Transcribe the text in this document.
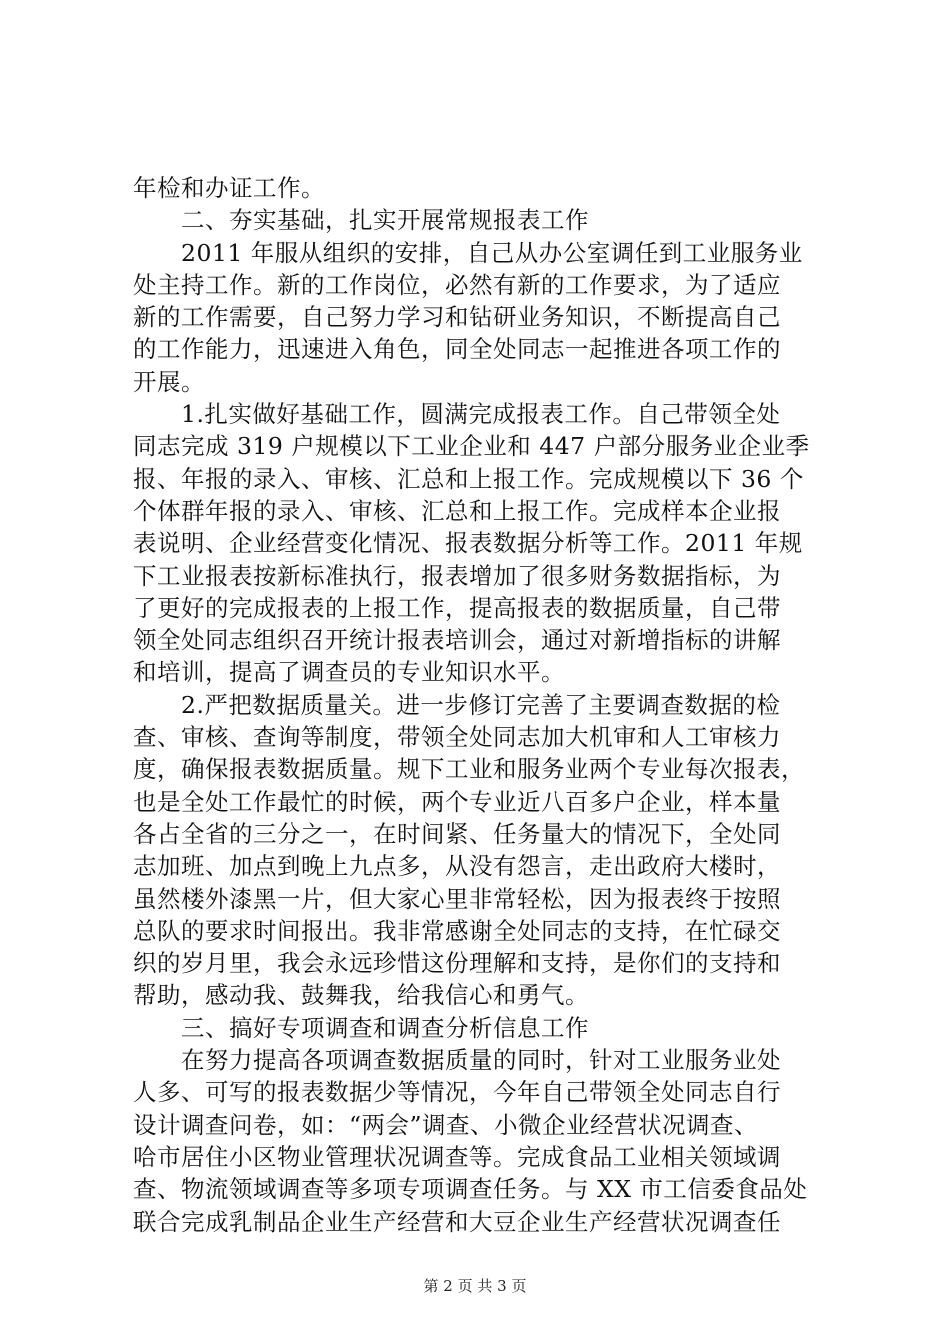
年检和办证工作。
二、夯实基础，扎实开展常规报表工作
2011 年服从组织的安排，自己从办公室调任到工业服务业
处主持工作。新的工作岗位，必然有新的工作要求，为了适应
新的工作需要，自己努力学习和钻研业务知识，不断提高自己
的工作能力，迅速进入角色，同全处同志一起推进各项工作的
开展。
1.扎实做好基础工作，圆满完成报表工作。自己带领全处
同志完成 319 户规模以下工业企业和 447 户部分服务业企业季
报、年报的录入、审核、汇总和上报工作。完成规模以下 36 个
个体群年报的录入、审核、汇总和上报工作。完成样本企业报
表说明、企业经营变化情况、报表数据分析等工作。2011 年规
下工业报表按新标准执行，报表增加了很多财务数据指标，为
了更好的完成报表的上报工作，提高报表的数据质量，自己带
领全处同志组织召开统计报表培训会，通过对新增指标的讲解
和培训，提高了调查员的专业知识水平。
2.严把数据质量关。进一步修订完善了主要调查数据的检
查、审核、查询等制度，带领全处同志加大机审和人工审核力
度，确保报表数据质量。规下工业和服务业两个专业每次报表，
也是全处工作最忙的时候，两个专业近八百多户企业，样本量
各占全省的三分之一，在时间紧、任务量大的情况下，全处同
志加班、加点到晚上九点多，从没有怨言，走出政府大楼时，
虽然楼外漆黑一片，但大家心里非常轻松，因为报表终于按照
总队的要求时间报出。我非常感谢全处同志的支持，在忙碌交
织的岁月里，我会永远珍惜这份理解和支持，是你们的支持和
帮助，感动我、鼓舞我，给我信心和勇气。
三、搞好专项调查和调查分析信息工作
在努力提高各项调查数据质量的同时，针对工业服务业处
人多、可写的报表数据少等情况，今年自己带领全处同志自行
设计调查问卷，如：“两会”调查、小微企业经营状况调查、
哈市居住小区物业管理状况调查等。完成食品工业相关领域调
查、物流领域调查等多项专项调查任务。与 XX 市工信委食品处
联合完成乳制品企业生产经营和大豆企业生产经营状况调查任
第 2 页 共 3 页
